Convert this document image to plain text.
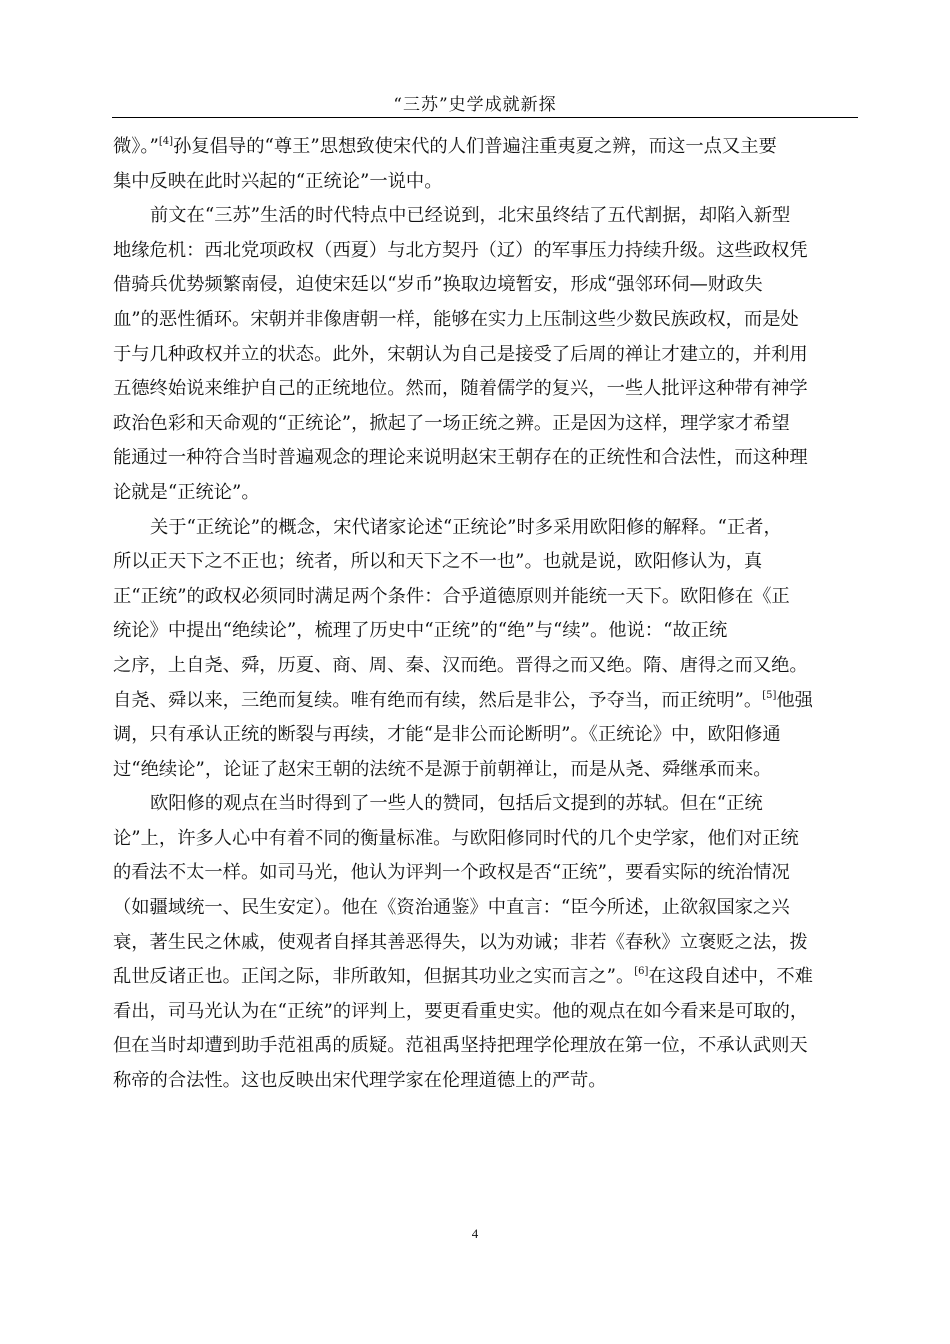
“三苏”史学成就新探
微》。”[4]孙复倡导的“尊王”思想致使宋代的人们普遍注重夷夏之辨，而这一点又主要
集中反映在此时兴起的“正统论”一说中。
前文在“三苏”生活的时代特点中已经说到，北宋虽终结了五代割据，却陷入新型
地缘危机：西北党项政权（西夏）与北方契丹（辽）的军事压力持续升级。这些政权凭
借骑兵优势频繁南侵，迫使宋廷以“岁币”换取边境暂安，形成“强邻环伺—财政失
血”的恶性循环。宋朝并非像唐朝一样，能够在实力上压制这些少数民族政权，而是处
于与几种政权并立的状态。此外，宋朝认为自己是接受了后周的禅让才建立的，并利用
五德终始说来维护自己的正统地位。然而，随着儒学的复兴，一些人批评这种带有神学
政治色彩和天命观的“正统论”，掀起了一场正统之辨。正是因为这样，理学家才希望
能通过一种符合当时普遍观念的理论来说明赵宋王朝存在的正统性和合法性，而这种理
论就是“正统论”。
关于“正统论”的概念，宋代诸家论述“正统论”时多采用欧阳修的解释。“正者，
所以正天下之不正也；统者，所以和天下之不一也”。也就是说，欧阳修认为，真
正“正统”的政权必须同时满足两个条件：合乎道德原则并能统一天下。欧阳修在《正
统论》中提出“绝续论”，梳理了历史中“正统”的“绝”与“续”。他说：“故正统
之序，上自尧、舜，历夏、商、周、秦、汉而绝。晋得之而又绝。隋、唐得之而又绝。
自尧、舜以来，三绝而复续。唯有绝而有续，然后是非公，予夺当，而正统明”。[5]他强
调，只有承认正统的断裂与再续，才能“是非公而论断明”。《正统论》中，欧阳修通
过“绝续论”，论证了赵宋王朝的法统不是源于前朝禅让，而是从尧、舜继承而来。
欧阳修的观点在当时得到了一些人的赞同，包括后文提到的苏轼。但在“正统
论”上，许多人心中有着不同的衡量标准。与欧阳修同时代的几个史学家，他们对正统
的看法不太一样。如司马光，他认为评判一个政权是否“正统”，要看实际的统治情况
（如疆域统一、民生安定）。他在《资治通鉴》中直言：“臣今所述，止欲叙国家之兴
衰，著生民之休戚，使观者自择其善恶得失，以为劝诫；非若《春秋》立褒贬之法，拨
乱世反诸正也。正闰之际，非所敢知，但据其功业之实而言之”。[6]在这段自述中，不难
看出，司马光认为在“正统”的评判上，要更看重史实。他的观点在如今看来是可取的，
但在当时却遭到助手范祖禹的质疑。范祖禹坚持把理学伦理放在第一位，不承认武则天
称帝的合法性。这也反映出宋代理学家在伦理道德上的严苛。
4
